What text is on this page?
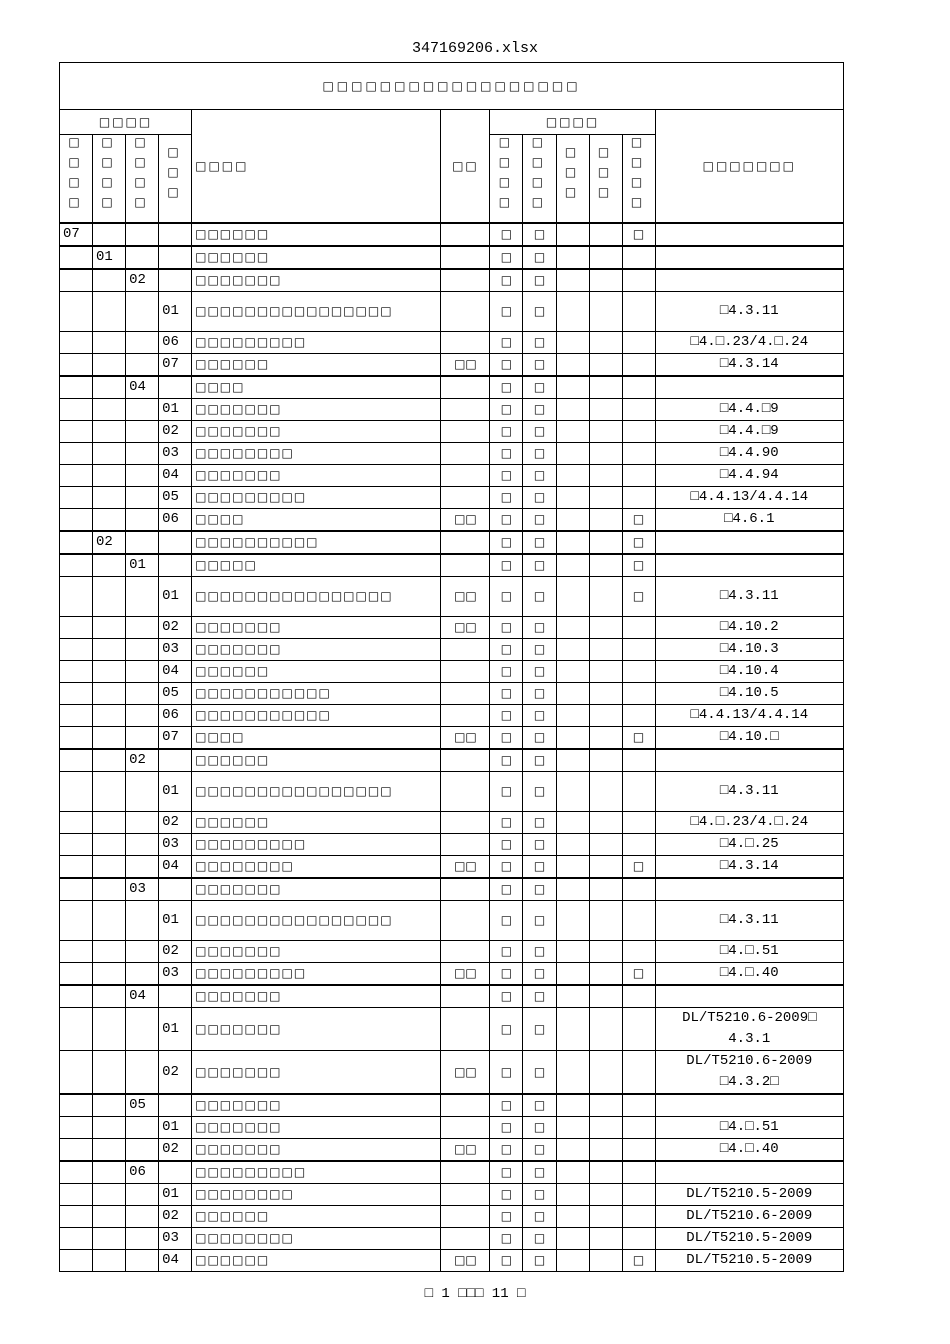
347169206.xlsx
□□□□□□□□□□□□□□□□□□											
□□□□				□□□□	□□	□□□□					□□□□□□□
□□□□	□□□□	□□□□	□□□			□□□□	□□□□	□□□	□□□	□□□□	
07				□□□□□□		□	□			□	
	01			□□□□□□		□	□				
		02		□□□□□□□		□	□				
			01	□□□□□□□□□□□□□□□□		□	□				□4.3.11
			06	□□□□□□□□□		□	□				□4.□.23/4.□.24
			07	□□□□□□	□□	□	□				□4.3.14
		04		□□□□		□	□				
			01	□□□□□□□		□	□				□4.4.□9
			02	□□□□□□□		□	□				□4.4.□9
			03	□□□□□□□□		□	□				□4.4.90
			04	□□□□□□□		□	□				□4.4.94
			05	□□□□□□□□□		□	□				□4.4.13/4.4.14
			06	□□□□	□□	□	□			□	□4.6.1
	02			□□□□□□□□□□		□	□			□	
		01		□□□□□		□	□			□	
			01	□□□□□□□□□□□□□□□□	□□	□	□			□	□4.3.11
			02	□□□□□□□	□□	□	□				□4.10.2
			03	□□□□□□□		□	□				□4.10.3
			04	□□□□□□		□	□				□4.10.4
			05	□□□□□□□□□□□		□	□				□4.10.5
			06	□□□□□□□□□□□		□	□				□4.4.13/4.4.14
			07	□□□□	□□	□	□			□	□4.10.□
		02		□□□□□□		□	□				
			01	□□□□□□□□□□□□□□□□		□	□				□4.3.11
			02	□□□□□□		□	□				□4.□.23/4.□.24
			03	□□□□□□□□□		□	□				□4.□.25
			04	□□□□□□□□	□□	□	□			□	□4.3.14
		03		□□□□□□□		□	□				
			01	□□□□□□□□□□□□□□□□		□	□				□4.3.11
			02	□□□□□□□		□	□				□4.□.51
			03	□□□□□□□□□	□□	□	□			□	□4.□.40
		04		□□□□□□□		□	□				
			01	□□□□□□□		□	□				DL/T5210.6-2009□ 4.3.1
			02	□□□□□□□	□□	□	□				DL/T5210.6-2009 □4.3.2□
		05		□□□□□□□		□	□				
			01	□□□□□□□		□	□				□4.□.51
			02	□□□□□□□	□□	□	□				□4.□.40
		06		□□□□□□□□□		□	□				
			01	□□□□□□□□		□	□				DL/T5210.5-2009
			02	□□□□□□		□	□				DL/T5210.6-2009
			03	□□□□□□□□		□	□				DL/T5210.5-2009
			04	□□□□□□	□□	□	□			□	DL/T5210.5-2009
□ 1 □□□ 11 □
